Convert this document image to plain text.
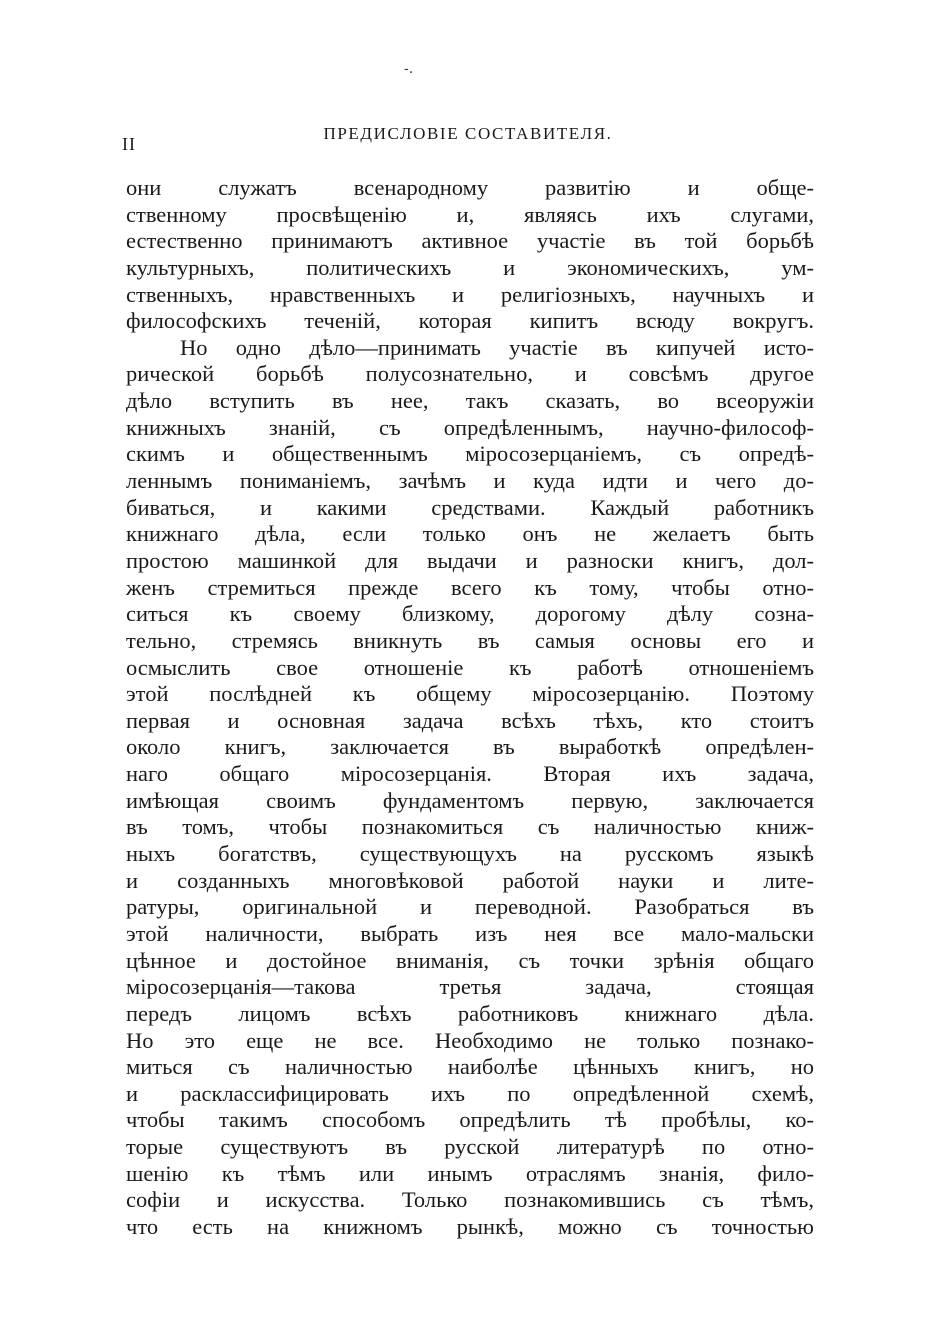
-.
II
ПРЕДИСЛОВІЕ СОСТАВИТЕЛЯ.
они служатъ всенародному развитію и обще-
ственному просвѣщенію и, являясь ихъ слугами,
естественно принимаютъ активное участіе въ той борьбѣ
культурныхъ, политическихъ и экономическихъ, ум-
ственныхъ, нравственныхъ и религіозныхъ, научныхъ и
философскихъ теченій, которая кипитъ всюду вокругъ.
Но одно дѣло—принимать участіе въ кипучей исто-
рической борьбѣ полусознательно, и совсѣмъ другое
дѣло вступить въ нее, такъ сказать, во всеоружіи
книжныхъ знаній, съ опредѣленнымъ, научно-философ-
скимъ и общественнымъ міросозерцаніемъ, съ опредѣ-
леннымъ пониманіемъ, зачѣмъ и куда идти и чего до-
биваться, и какими средствами. Каждый работникъ
книжнаго дѣла, если только онъ не желаетъ быть
простою машинкой для выдачи и разноски книгъ, дол-
женъ стремиться прежде всего къ тому, чтобы отно-
ситься къ своему близкому, дорогому дѣлу созна-
тельно, стремясь вникнуть въ самыя основы его и
осмыслить свое отношеніе къ работѣ отношеніемъ
этой послѣдней къ общему міросозерцанію. Поэтому
первая и основная задача всѣхъ тѣхъ, кто стоитъ
около книгъ, заключается въ выработкѣ опредѣлен-
наго общаго міросозерцанія. Вторая ихъ задача,
имѣющая своимъ фундаментомъ первую, заключается
въ томъ, чтобы познакомиться съ наличностью книж-
ныхъ богатствъ, существующухъ на русскомъ языкѣ
и созданныхъ многовѣковой работой науки и лите-
ратуры, оригинальной и переводной. Разобраться въ
этой наличности, выбрать изъ нея все мало-мальски
цѣнное и достойное вниманія, съ точки зрѣнія общаго
міросозерцанія—такова третья задача, стоящая
передъ лицомъ всѣхъ работниковъ книжнаго дѣла.
Но это еще не все. Необходимо не только познако-
миться съ наличностью наиболѣе цѣнныхъ книгъ, но
и расклассифицировать ихъ по опредѣленной схемѣ,
чтобы такимъ способомъ опредѣлить тѣ пробѣлы, ко-
торые существуютъ въ русской литературѣ по отно-
шенію къ тѣмъ или инымъ отраслямъ знанія, фило-
софіи и искусства. Только познакомившись съ тѣмъ,
что есть на книжномъ рынкѣ, можно съ точностью
